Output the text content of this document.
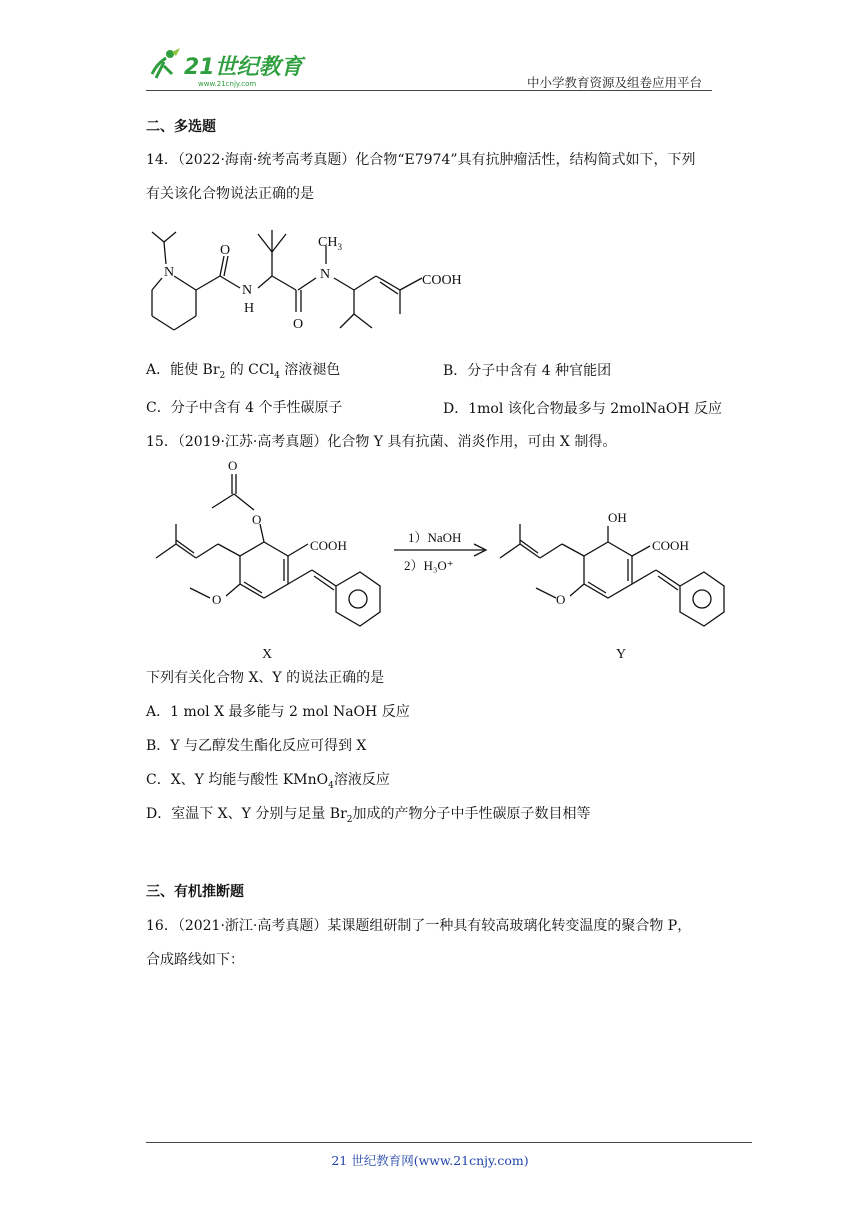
21世纪教育
www.21cnjy.com	中小学教育资源及组卷应用平台
二、多选题
14．（2022·海南·统考高考真题）化合物“E7974”具有抗肿瘤活性，结构简式如下，下列
有关该化合物说法正确的是
O
N
N
H
O
N
$CH_3$
COOH
A．能使 $Br_2$ 的 CCl$_4$ 溶液褪色	B．分子中含有 4 种官能团
C．分子中含有 4 个手性碳原子	D．1mol 该化合物最多与 2molNaOH 反应
15．（2019·江苏·高考真题）化合物 Y 具有抗菌、消炎作用，可由 X 制得。
O
O
COOH
O
X
1）NaOH
2）H₃O⁺
OH
COOH
O
Y
下列有关化合物 X、Y 的说法正确的是
A．1 mol X 最多能与 2 mol NaOH 反应
B．Y 与乙醇发生酯化反应可得到 X
C．X、Y 均能与酸性 KMnO$_4$溶液反应
D．室温下 X、Y 分别与足量 $Br_2$加成的产物分子中手性碳原子数目相等
三、有机推断题
16．（2021·浙江·高考真题）某课题组研制了一种具有较高玻璃化转变温度的聚合物 P，
合成路线如下：
21 世纪教育网(www.21cnjy.com)
